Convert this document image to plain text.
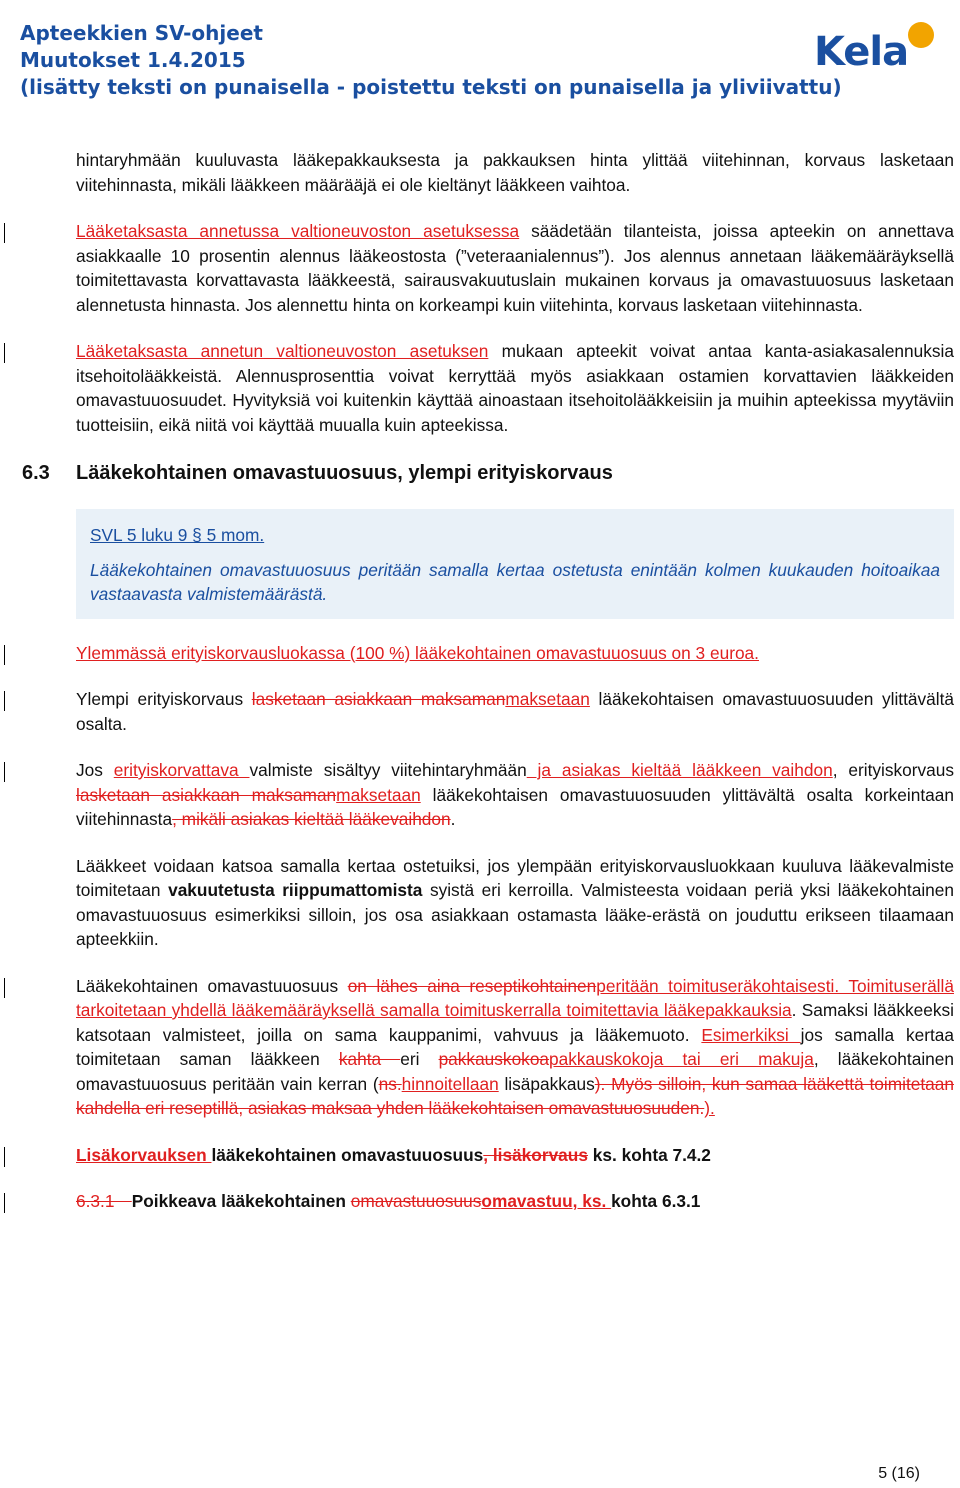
Apteekkien SV-ohjeet
Muutokset 1.4.2015
(lisätty teksti on punaisella - poistettu teksti on punaisella ja yliviivattu)
Kela

hintaryhmään kuuluvasta lääkepakkauksesta ja pakkauksen hinta ylittää viitehinnan, korvaus lasketaan viitehinnasta, mikäli lääkkeen määrääjä ei ole kieltänyt lääkkeen vaihtoa.

Lääketaksasta annetussa valtioneuvoston asetuksessa säädetään tilanteista, joissa apteekin on annettava asiakkaalle 10 prosentin alennus lääkeostosta (”veteraanialennus”). Jos alennus annetaan lääkemääräyksellä toimitettavasta korvattavasta lääkkeestä, sairausvakuutuslain mukainen korvaus ja omavastuuosuus lasketaan alennetusta hinnasta. Jos alennettu hinta on korkeampi kuin viitehinta, korvaus lasketaan viitehinnasta.

Lääketaksasta annetun valtioneuvoston asetuksen mukaan apteekit voivat antaa kanta-asiakasalennuksia itsehoitolääkkeistä. Alennusprosenttia voivat kerryttää myös asiakkaan ostamien korvattavien lääkkeiden omavastuuosuudet. Hyvityksiä voi kuitenkin käyttää ainoastaan itsehoitolääkkeisiin ja muihin apteekissa myytäviin tuotteisiin, eikä niitä voi käyttää muualla kuin apteekissa.

6.3 Lääkekohtainen omavastuuosuus, ylempi erityiskorvaus
SVL 5 luku 9 § 5 mom.
Lääkekohtainen omavastuuosuus peritään samalla kertaa ostetusta enintään kolmen kuukauden hoitoaikaa vastaavasta valmistemäärästä.

Ylemmässä erityiskorvausluokassa (100 %) lääkekohtainen omavastuuosuus on 3 euroa.

Ylempi erityiskorvaus lasketaan asiakkaan maksamanmaksetaan lääkekohtaisen omavastuuosuuden ylittävältä osalta.

Jos erityiskorvattava valmiste sisältyy viitehintaryhmään ja asiakas kieltää lääkkeen vaihdon, erityiskorvaus lasketaan asiakkaan maksamanmaksetaan lääkekohtaisen omavastuuosuuden ylittävältä osalta korkeintaan viitehinnasta, mikäli asiakas kieltää lääkevaihdon.

Lääkkeet voidaan katsoa samalla kertaa ostetuiksi, jos ylempään erityiskorvausluokkaan kuuluva lääkevalmiste toimitetaan vakuutetusta riippumattomista syistä eri kerroilla. Valmisteesta voidaan periä yksi lääkekohtainen omavastuuosuus esimerkiksi silloin, jos osa asiakkaan ostamasta lääke-erästä on jouduttu erikseen tilaamaan apteekkiin.

Lääkekohtainen omavastuuosuus on lähes aina reseptikohtainenperitään toimituseräkohtaisesti. Toimituserällä tarkoitetaan yhdellä lääkemääräyksellä samalla toimituskerralla toimitettavia lääkepakkauksia. Samaksi lääkkeeksi katsotaan valmisteet, joilla on sama kauppanimi, vahvuus ja lääkemuoto. Esimerkiksi jos samalla kertaa toimitetaan saman lääkkeen kahta eri pakkauskokoapakkauskokoja tai eri makuja, lääkekohtainen omavastuuosuus peritään vain kerran (ns.hinnoitellaan lisäpakkaus). Myös silloin, kun samaa lääkettä toimitetaan kahdella eri reseptillä, asiakas maksaa yhden lääkekohtaisen omavastuuosuuden.).

Lisäkorvauksen lääkekohtainen omavastuuosuus, lisäkorvaus ks. kohta 7.4.2

6.3.1 Poikkeava lääkekohtainen omavastuuosuusomavastuu, ks. kohta 6.3.1

5 (16)
